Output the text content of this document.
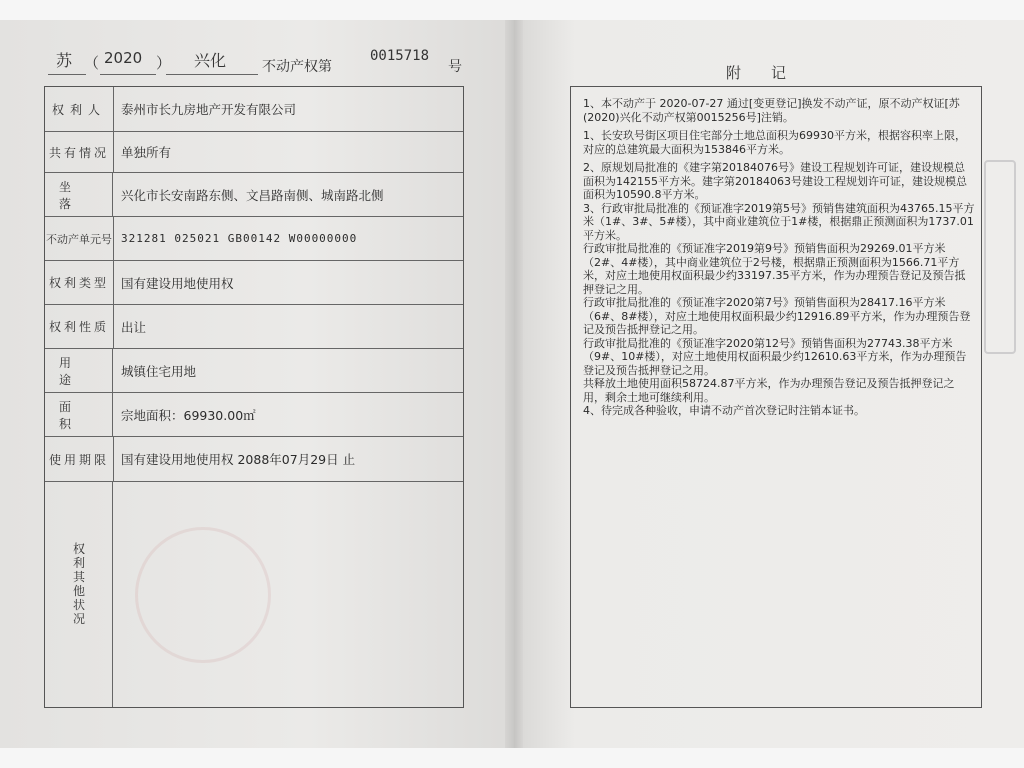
苏 （ 2020 ） 兴化	不动产权第
0015718
号
权利人	泰州市长九房地产开发有限公司
共有情况 单独所有
坐落
兴化市长安南路东侧、文昌路南侧、城南路北侧
不动产单元号 321281 025021 GB00142 W00000000
权利类型 国有建设用地使用权
权利性质 出让
用途
城镇住宅用地
面积
宗地面积：69930.00㎡
使用期限 国有建设用地使用权 2088年07月29日 止
权利其他状况
附记

1、本不动产于 2020-07-27 通过[变更登记]换发不动产证，原不动产权证[苏(2020)兴化不动产权第0015256号]注销。

1、长安玖号街区项目住宅部分土地总面积为69930平方米，根据容积率上限，对应的总建筑最大面积为153846平方米。

2、原规划局批准的《建字第20184076号》建设工程规划许可证，建设规模总面积为142155平方米。建字第20184063号建设工程规划许可证，建设规模总面积为10590.8平方米。

3、行政审批局批准的《预证准字2019第5号》预销售建筑面积为43765.15平方米（1#、3#、5#楼），其中商业建筑位于1#楼，根据鼎正预测面积为1737.01平方米。

行政审批局批准的《预证准字2019第9号》预销售面积为29269.01平方米（2#、4#楼），其中商业建筑位于2号楼，根据鼎正预测面积为1566.71平方米，对应土地使用权面积最少约33197.35平方米，作为办理预告登记及预告抵押登记之用。

行政审批局批准的《预证准字2020第7号》预销售面积为28417.16平方米（6#、8#楼），对应土地使用权面积最少约12916.89平方米，作为办理预告登记及预告抵押登记之用。

行政审批局批准的《预证准字2020第12号》预销售面积为27743.38平方米（9#、10#楼），对应土地使用权面积最少约12610.63平方米，作为办理预告登记及预告抵押登记之用。

共释放土地使用面积58724.87平方米，作为办理预告登记及预告抵押登记之用，剩余土地可继续利用。

4、待完成各种验收，申请不动产首次登记时注销本证书。
